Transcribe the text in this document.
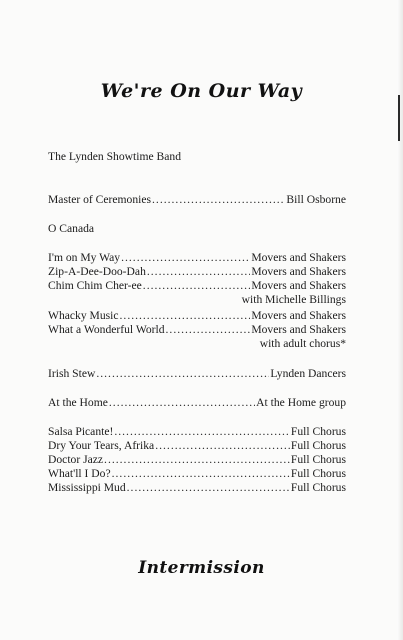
We're On Our Way
The Lynden Showtime Band
Master of Ceremonies .....	Bill Osborne
O Canada
I'm on My Way .....	Movers and Shakers
Zip-A-Dee-Doo-Dah .....	Movers and Shakers
Chim Chim Cher-ee .....	Movers and Shakers
with Michelle Billings
Whacky Music .....	Movers and Shakers
What a Wonderful World .....	Movers and Shakers
with adult chorus*
Irish Stew .....	Lynden Dancers
At the Home .....	At the Home group
Salsa Picante! .....	Full Chorus
Dry Your Tears, Afrika .....	Full Chorus
Doctor Jazz .....	Full Chorus
What'll I Do? .....	Full Chorus
Mississippi Mud .....	Full Chorus
Intermission
